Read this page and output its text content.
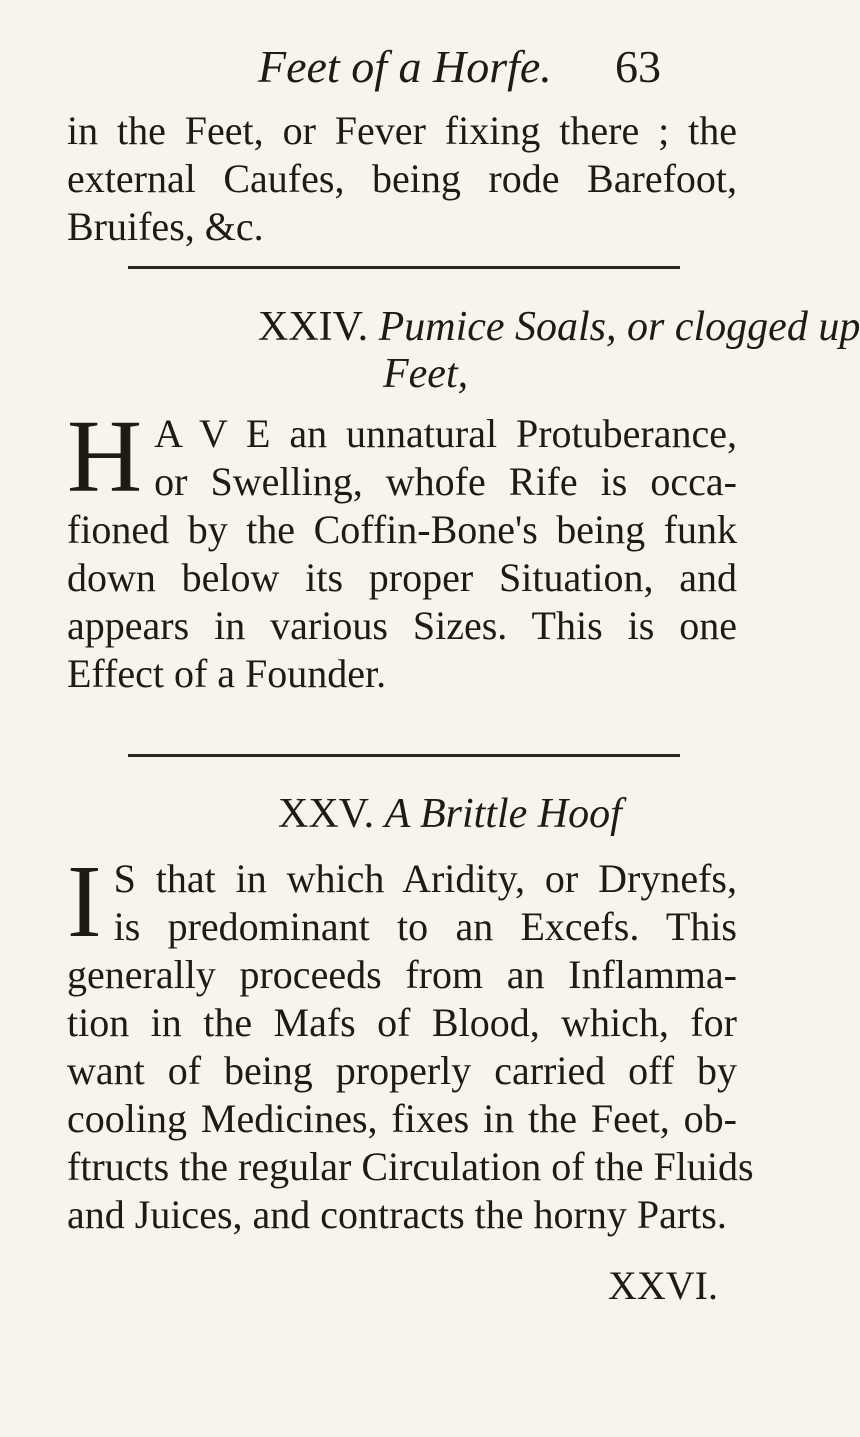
Feet of a Horfe. 63
in the Feet, or Fever fixing there ; the
external Caufes, being rode Barefoot,
Bruifes, &c.
XXIV. Pumice Soals, or clogged up
Feet,
H A V E an unnatural Protuberance,
or Swelling, whofe Rife is occa-
fioned by the Coffin-Bone's being funk
down below its proper Situation, and
appears in various Sizes. This is one
Effect of a Founder.
XXV. A Brittle Hoof
I S that in which Aridity, or Drynefs,
is predominant to an Excefs. This
generally proceeds from an Inflamma-
tion in the Mafs of Blood, which, for
want of being properly carried off by
cooling Medicines, fixes in the Feet, ob-
ftructs the regular Circulation of the Fluids
and Juices, and contracts the horny Parts.
XXVI.
